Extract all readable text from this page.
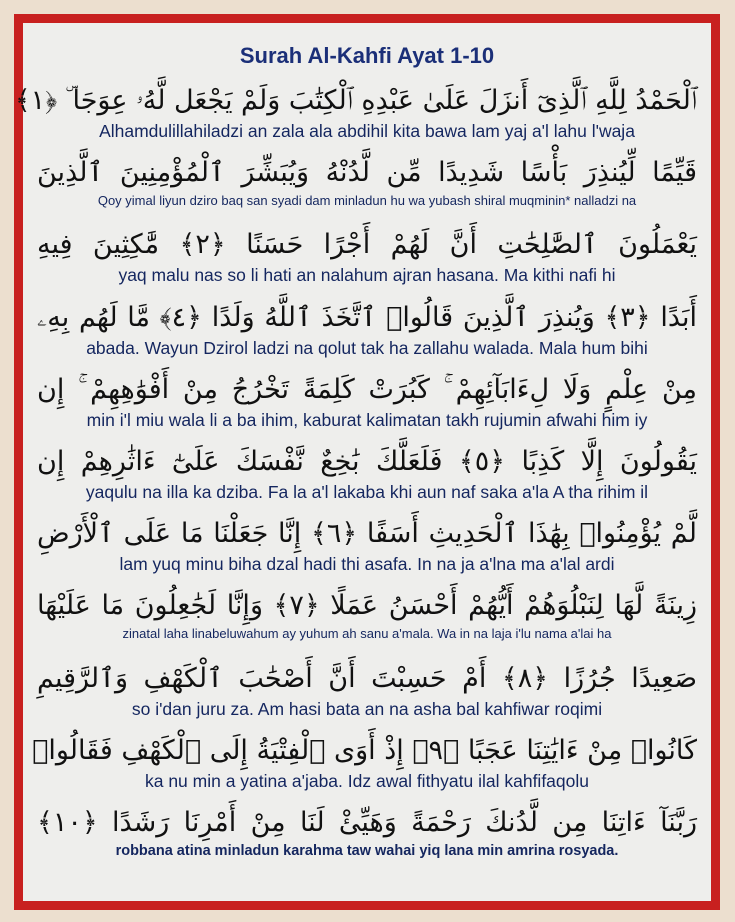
Surah Al-Kahfi Ayat 1-10
ٱلْحَمْدُ لِلَّهِ ٱلَّذِىٓ أَنزَلَ عَلَىٰ عَبْدِهِ ٱلْكِتَٰبَ وَلَمْ يَجْعَل لَّهُۥ عِوَجَا ۜ ﴿١﴾
Alhamdulillahiladzi an zala ala abdihil kita bawa lam yaj a'l lahu l'waja
قَيِّمًا لِّيُنذِرَ بَأْسًا شَدِيدًا مِّن لَّدُنْهُ وَيُبَشِّرَ ٱلْمُؤْمِنِينَ ٱلَّذِينَ
Qoy yimal liyun dziro baq san syadi dam minladun hu wa yubash shiral muqminin* nalladzi na
يَعْمَلُونَ ٱلصَّٰلِحَٰتِ أَنَّ لَهُمْ أَجْرًا حَسَنًا ﴿٢﴾ مَّٰكِثِينَ فِيهِ
yaq malu nas so li hati an nalahum ajran hasana. Ma kithi nafi hi
أَبَدًا ﴿٣﴾ وَيُنذِرَ ٱلَّذِينَ قَالُوا۟ ٱتَّخَذَ ٱللَّهُ وَلَدًا ﴿٤﴾ مَّا لَهُم بِهِۦ
abada. Wayun Dzirol ladzi na qolut tak ha zallahu walada. Mala hum bihi
مِنْ عِلْمٍ وَلَا لِءَابَآئِهِمْ ۚ كَبُرَتْ كَلِمَةً تَخْرُجُ مِنْ أَفْوَٰهِهِمْ ۚ إِن
min i'l miu wala li a ba ihim, kaburat kalimatan takh rujumin afwahi him iy
يَقُولُونَ إِلَّا كَذِبًا ﴿٥﴾ فَلَعَلَّكَ بَٰخِعٌ نَّفْسَكَ عَلَىٰٓ ءَاثَٰرِهِمْ إِن
yaqulu na illa ka dziba. Fa la a'l lakaba khi aun naf saka a'la A tha rihim il
لَّمْ يُؤْمِنُوا۟ بِهَٰذَا ٱلْحَدِيثِ أَسَفًا ﴿٦﴾ إِنَّا جَعَلْنَا مَا عَلَى ٱلْأَرْضِ
lam yuq minu biha dzal hadi thi asafa. In na ja a'lna ma a'lal ardi
زِينَةً لَّهَا لِنَبْلُوَهُمْ أَيُّهُمْ أَحْسَنُ عَمَلًا ﴿٧﴾ وَإِنَّا لَجَٰعِلُونَ مَا عَلَيْهَا
zinatal laha linabeluwahum ay yuhum ah sanu a'mala. Wa in na laja i'lu nama a'lai ha
صَعِيدًا جُرُزًا ﴿٨﴾ أَمْ حَسِبْتَ أَنَّ أَصْحَٰبَ ٱلْكَهْفِ وَٱلرَّقِيمِ
so i'dan juru za. Am hasi bata an na asha bal kahfiwar roqimi
كَانُوا۟ مِنْ ءَايَٰتِنَا عَجَبًا ﴿٩﴾ إِذْ أَوَى ٱلْفِتْيَةُ إِلَى ٱلْكَهْفِ فَقَالُوا۟
ka nu min a yatina a'jaba. Idz awal fithyatu ilal kahfifaqolu
رَبَّنَآ ءَاتِنَا مِن لَّدُنكَ رَحْمَةً وَهَيِّئْ لَنَا مِنْ أَمْرِنَا رَشَدًا ﴿١٠﴾
robbana atina minladun karahma taw wahai yiq lana min amrina rosyada.
